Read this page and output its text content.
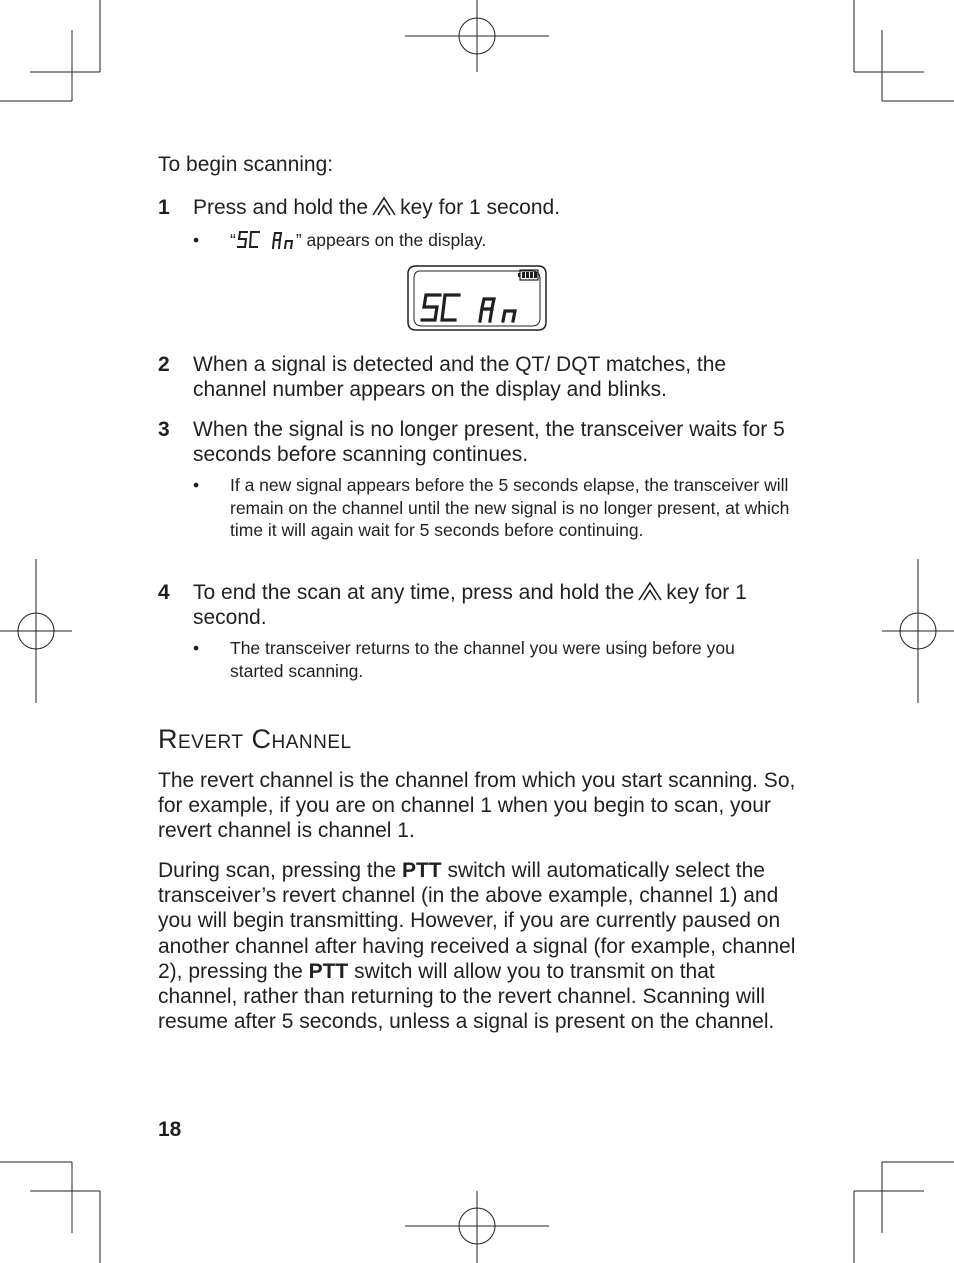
To begin scanning:

1 Press and hold the key for 1 second.
• “ SCAn	” appears on the display.
2 When a signal is detected and the QT/ DQT matches, the channel number appears on the display and blinks.
3 When the signal is no longer present, the transceiver waits for 5 seconds before scanning continues.
• If a new signal appears before the 5 seconds elapse, the transceiver will remain on the channel until the new signal is no longer present, at which time it will again wait for 5 seconds before continuing.
4 To end the scan at any time, press and hold the key for 1 second.
• The transceiver returns to the channel you were using before you started scanning.
Revert Channel

The revert channel is the channel from which you start scanning. So, for example, if you are on channel 1 when you begin to scan, your revert channel is channel 1.

During scan, pressing the PTT switch will automatically select the transceiver’s revert channel (in the above example, channel 1) and you will begin transmitting. However, if you are currently paused on another channel after having received a signal (for example, channel 2), pressing the PTT switch will allow you to transmit on that channel, rather than returning to the revert channel. Scanning will resume after 5 seconds, unless a signal is present on the channel.

18
